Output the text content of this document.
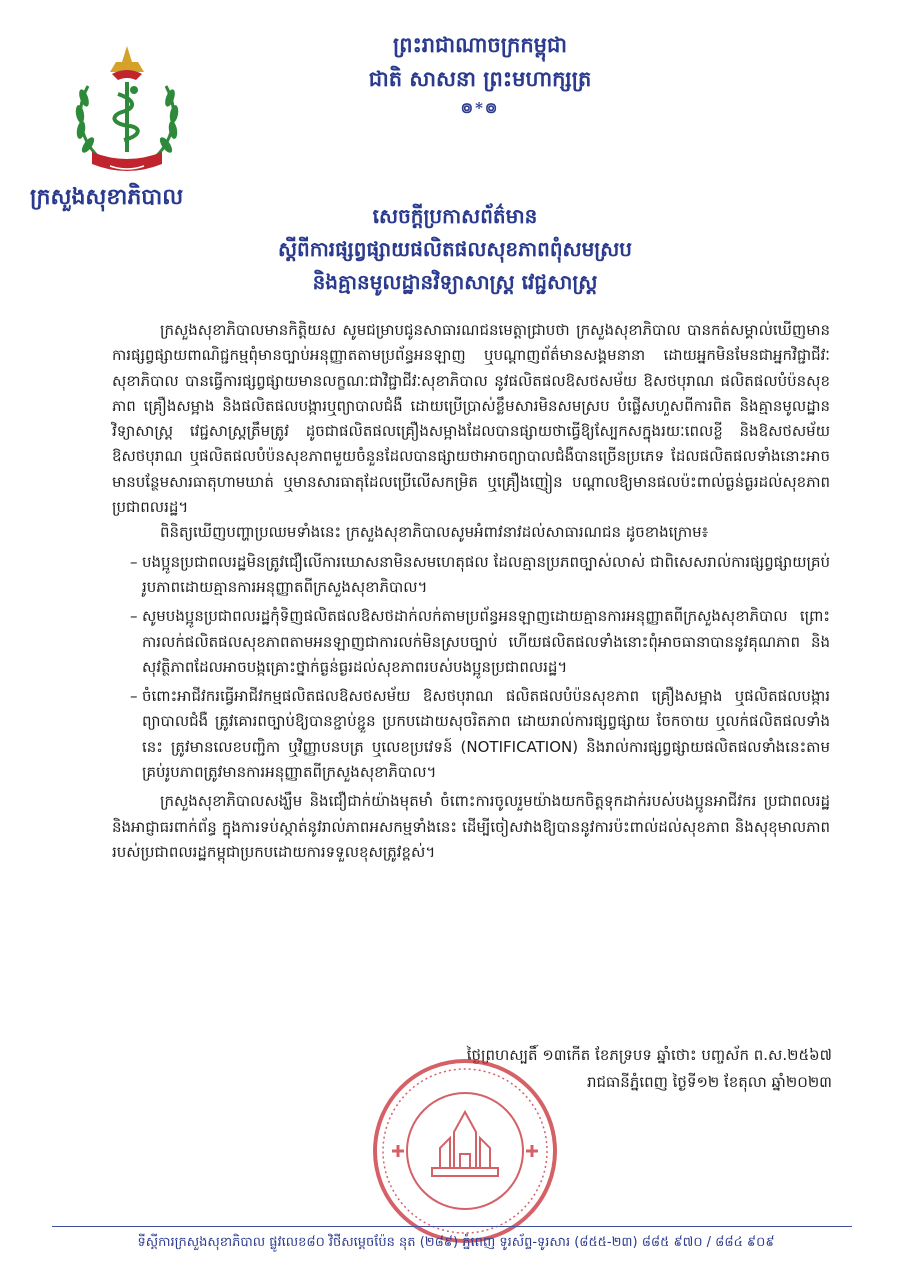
ព្រះរាជាណាចក្រកម្ពុជា
ជាតិ សាសនា ព្រះមហាក្សត្រ
៙*៙
ក្រសួងសុខាភិបាល
សេចក្តីប្រកាសព័ត៌មាន
ស្តីពីការផ្សព្វផ្សាយផលិតផលសុខភាពពុំសមស្រប
និងគ្មានមូលដ្ឋានវិទ្យាសាស្ត្រ វេជ្ជសាស្ត្រ

ក្រសួងសុខាភិបាលមានកិត្តិយស សូមជម្រាបជូនសាធារណជនមេត្តាជ្រាបថា ក្រសួងសុខាភិបាល បានកត់សម្គាល់ឃើញមានការផ្សព្វផ្សាយពាណិជ្ជកម្មពុំមានច្បាប់អនុញ្ញាតតាមប្រព័ន្ធអនឡាញ ឬបណ្តាញព័ត៌មានសង្គមនានា ដោយអ្នកមិនមែនជាអ្នកវិជ្ជាជីវៈសុខាភិបាល បានធ្វើការផ្សព្វផ្សាយមានលក្ខណៈជាវិជ្ជាជីវៈសុខាភិបាល នូវផលិតផលឱសថសម័យ ឱសថបុរាណ ផលិតផលបំប៉នសុខភាព គ្រឿងសម្អាង និងផលិតផលបង្ការឬព្យាបាលជំងឺ ដោយប្រើប្រាស់ខ្លឹមសារមិនសមស្រប បំផ្លើសហួសពីការពិត និងគ្មានមូលដ្ឋានវិទ្យាសាស្ត្រ វេជ្ជសាស្ត្រត្រឹមត្រូវ ដូចជាផលិតផលគ្រឿងសម្អាងដែលបានផ្សាយថាធ្វើឱ្យស្បែកសក្នុងរយៈពេលខ្លី និងឱសថសម័យ ឱសថបុរាណ ឬផលិតផលបំប៉នសុខភាពមួយចំនួនដែលបានផ្សាយថាអាចព្យាបាលជំងឺបានច្រើនប្រភេទ ដែលផលិតផលទាំងនោះអាចមានបន្ថែមសារធាតុហាមឃាត់ ឬមានសារធាតុដែលប្រើលើសកម្រិត ឬគ្រឿងញៀន បណ្តាលឱ្យមានផលប៉ះពាល់ធ្ងន់ធ្ងរដល់សុខភាពប្រជាពលរដ្ឋ។

ពិនិត្យឃើញបញ្ហាប្រឈមទាំងនេះ ក្រសួងសុខាភិបាលសូមអំពាវនាវដល់សាធារណជន ដូចខាងក្រោម៖

– បងប្អូនប្រជាពលរដ្ឋមិនត្រូវជឿលើការឃោសនាមិនសមហេតុផល ដែលគ្មានប្រភពច្បាស់លាស់ ជាពិសេសរាល់ការផ្សព្វផ្សាយគ្រប់រូបភាពដោយគ្មានការអនុញ្ញាតពីក្រសួងសុខាភិបាល។
– សូមបងប្អូនប្រជាពលរដ្ឋកុំទិញផលិតផលឱសថដាក់លក់តាមប្រព័ន្ធអនឡាញដោយគ្មានការអនុញ្ញាតពីក្រសួងសុខាភិបាល ព្រោះការលក់ផលិតផលសុខភាពតាមអនឡាញជាការលក់មិនស្របច្បាប់ ហើយផលិតផលទាំងនោះពុំអាចធានាបាននូវគុណភាព និងសុវត្ថិភាពដែលអាចបង្កគ្រោះថ្នាក់ធ្ងន់ធ្ងរដល់សុខភាពរបស់បងប្អូនប្រជាពលរដ្ឋ។
– ចំពោះអាជីវករធ្វើអាជីវកម្មផលិតផលឱសថសម័យ ឱសថបុរាណ ផលិតផលបំប៉នសុខភាព គ្រឿងសម្អាង ឬផលិតផលបង្ការព្យាបាលជំងឺ ត្រូវគោរពច្បាប់ឱ្យបានខ្ជាប់ខ្ជួន ប្រកបដោយសុចរិតភាព ដោយរាល់ការផ្សព្វផ្សាយ ចែកចាយ ឬលក់ផលិតផលទាំងនេះ ត្រូវមានលេខបញ្ជិកា ឬវិញ្ញាបនបត្រ ឬលេខប្រវេទន៍ (NOTIFICATION) និងរាល់ការផ្សព្វផ្សាយផលិតផលទាំងនេះតាមគ្រប់រូបភាពត្រូវមានការអនុញ្ញាតពីក្រសួងសុខាភិបាល។

ក្រសួងសុខាភិបាលសង្ឃឹម និងជឿជាក់យ៉ាងមុតមាំ ចំពោះការចូលរួមយ៉ាងយកចិត្តទុកដាក់របស់បងប្អូនអាជីវករ ប្រជាពលរដ្ឋ និងអាជ្ញាធរពាក់ព័ន្ធ ក្នុងការទប់ស្កាត់នូវរាល់ភាពអសកម្មទាំងនេះ ដើម្បីចៀសវាងឱ្យបាននូវការប៉ះពាល់ដល់សុខភាព និងសុខុមាលភាពរបស់ប្រជាពលរដ្ឋកម្ពុជាប្រកបដោយការទទួលខុសត្រូវខ្ពស់។

ថ្ងៃព្រហស្បតិ៍ ១៣កើត ខែភទ្របទ ឆ្នាំថោះ បញ្ចស័ក ព.ស.២៥៦៧
រាជធានីភ្នំពេញ ថ្ងៃទី១២ ខែតុលា ឆ្នាំ២០២៣
ទីស្តីការក្រសួងសុខាភិបាល ផ្លូវលេខ៨០ វិថីសម្តេចប៉ែន នុត (២៨៩) ភ្នំពេញ ទូរស័ព្ទ-ទូរសារ (៨៥៥-២៣) ៨៨៥ ៩៧០ / ៨៨៤ ៩០៩
